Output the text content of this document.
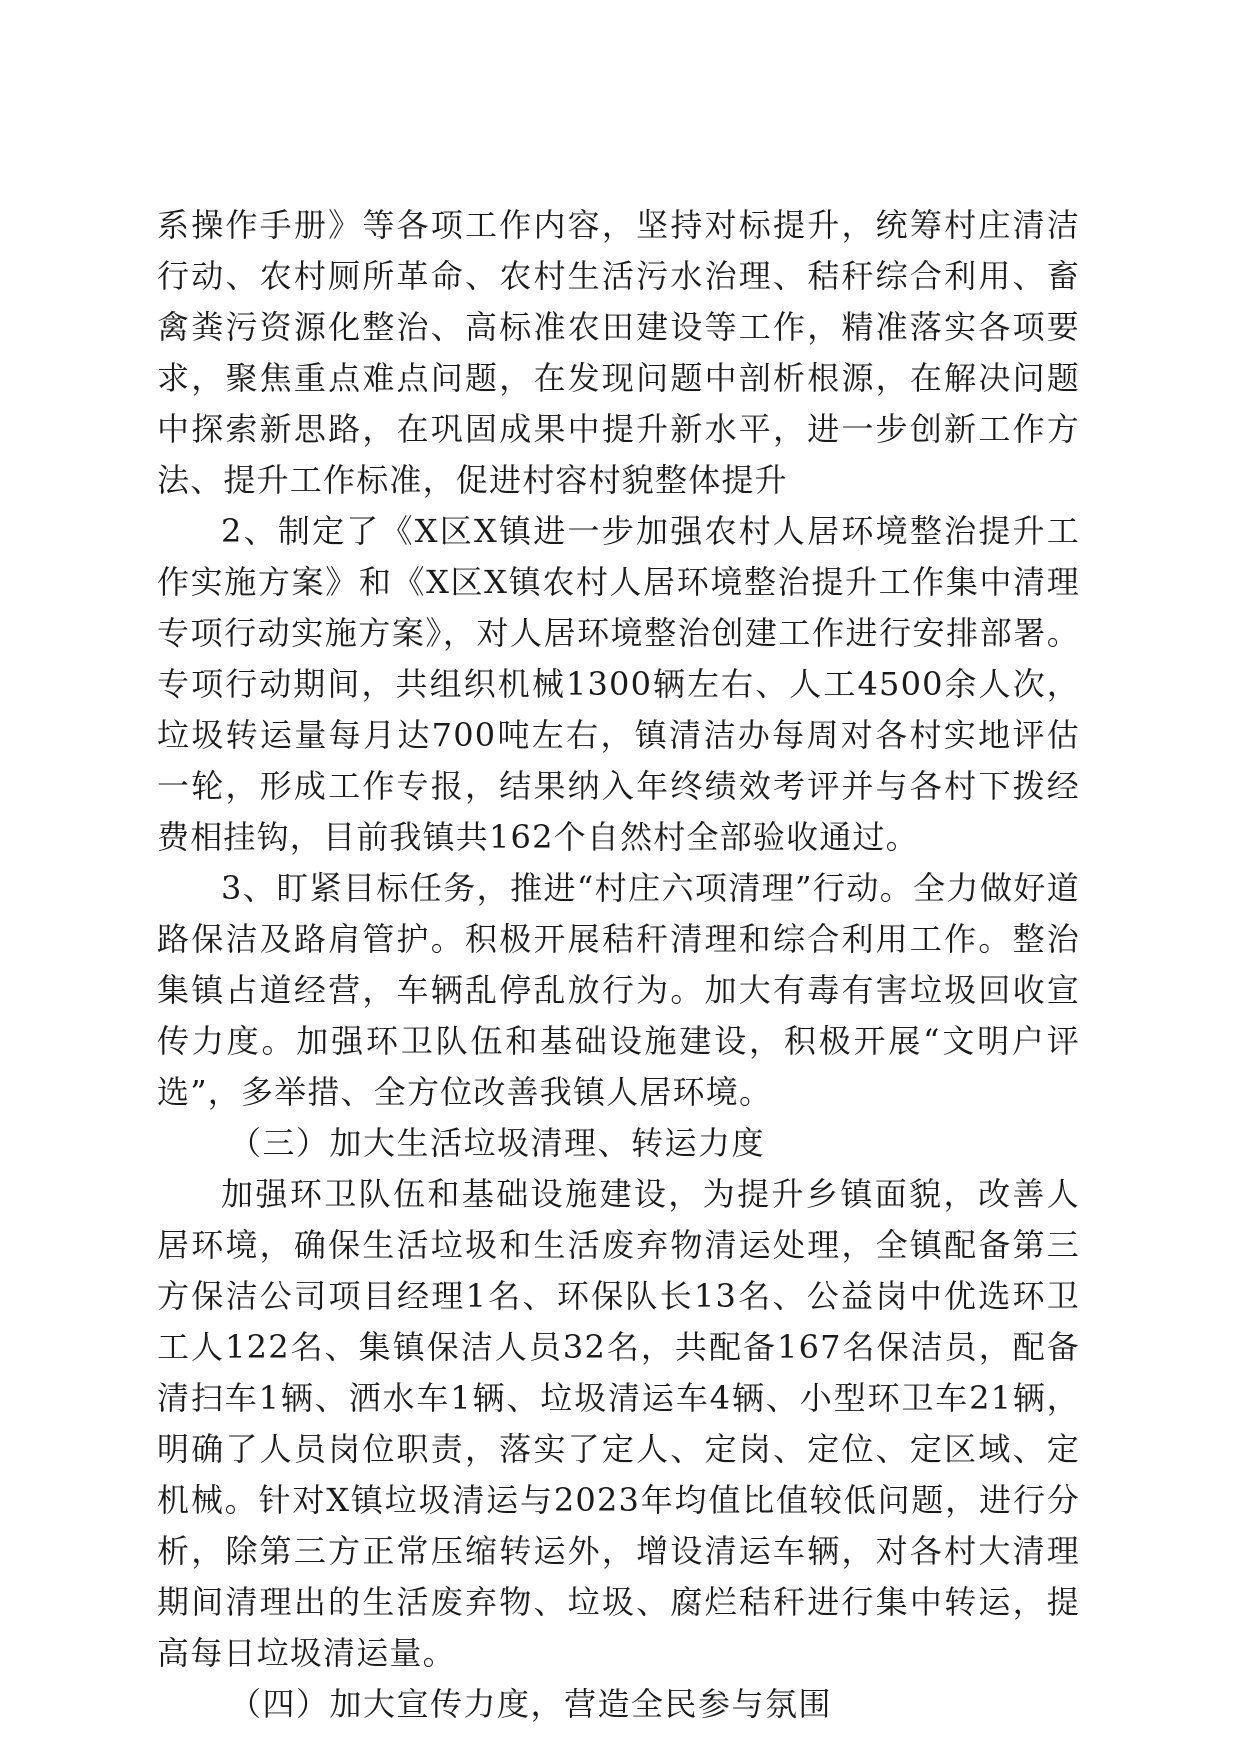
系操作手册》等各项工作内容，坚持对标提升，统筹村庄清洁行动、农村厕所革命、农村生活污水治理、秸秆综合利用、畜禽粪污资源化整治、高标准农田建设等工作，精准落实各项要求，聚焦重点难点问题，在发现问题中剖析根源，在解决问题中探索新思路，在巩固成果中提升新水平，进一步创新工作方法、提升工作标准，促进村容村貌整体提升

2、制定了《X区X镇进一步加强农村人居环境整治提升工作实施方案》和《X区X镇农村人居环境整治提升工作集中清理专项行动实施方案》，对人居环境整治创建工作进行安排部署。专项行动期间，共组织机械1300辆左右、人工4500余人次，垃圾转运量每月达700吨左右，镇清洁办每周对各村实地评估一轮，形成工作专报，结果纳入年终绩效考评并与各村下拨经费相挂钩，目前我镇共162个自然村全部验收通过。

3、盯紧目标任务，推进“村庄六项清理”行动。全力做好道路保洁及路肩管护。积极开展秸秆清理和综合利用工作。整治集镇占道经营，车辆乱停乱放行为。加大有毒有害垃圾回收宣传力度。加强环卫队伍和基础设施建设，积极开展“文明户评选”，多举措、全方位改善我镇人居环境。

（三）加大生活垃圾清理、转运力度

加强环卫队伍和基础设施建设，为提升乡镇面貌，改善人居环境，确保生活垃圾和生活废弃物清运处理，全镇配备第三方保洁公司项目经理1名、环保队长13名、公益岗中优选环卫工人122名、集镇保洁人员32名，共配备167名保洁员，配备清扫车1辆、洒水车1辆、垃圾清运车4辆、小型环卫车21辆，明确了人员岗位职责，落实了定人、定岗、定位、定区域、定机械。针对X镇垃圾清运与2023年均值比值较低问题，进行分析，除第三方正常压缩转运外，增设清运车辆，对各村大清理期间清理出的生活废弃物、垃圾、腐烂秸秆进行集中转运，提高每日垃圾清运量。

（四）加大宣传力度，营造全民参与氛围
